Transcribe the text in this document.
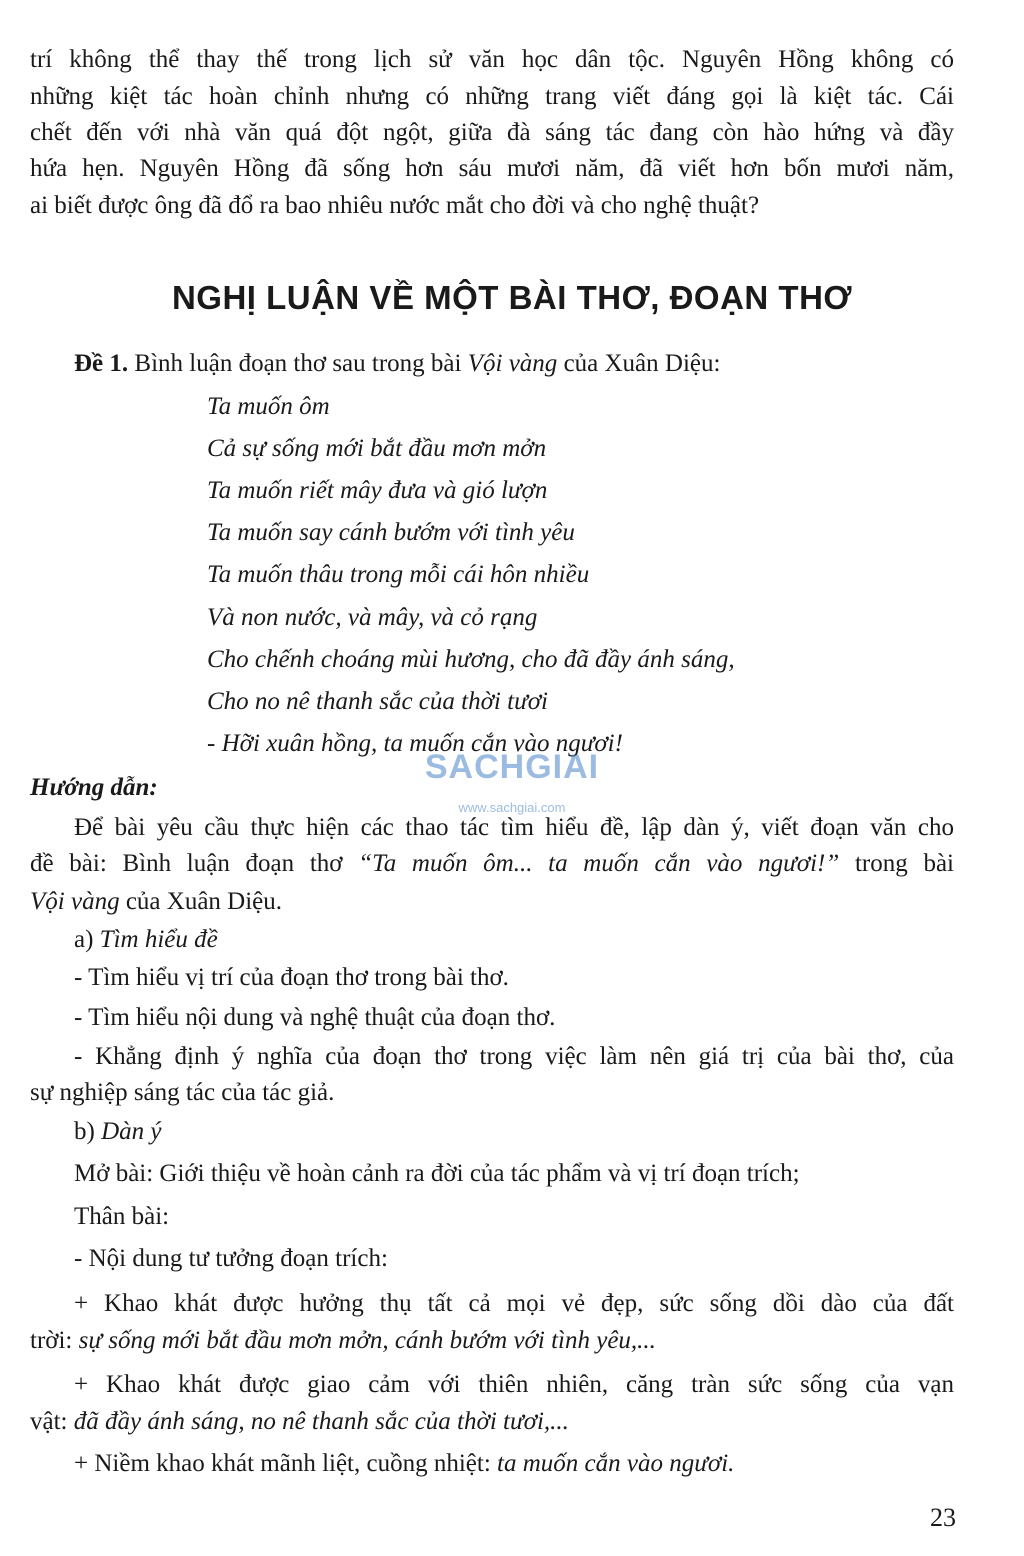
trí không thể thay thế trong lịch sử văn học dân tộc. Nguyên Hồng không có
những kiệt tác hoàn chỉnh nhưng có những trang viết đáng gọi là kiệt tác. Cái
chết đến với nhà văn quá đột ngột, giữa đà sáng tác đang còn hào hứng và đầy
hứa hẹn. Nguyên Hồng đã sống hơn sáu mươi năm, đã viết hơn bốn mươi năm,
ai biết được ông đã đổ ra bao nhiêu nước mắt cho đời và cho nghệ thuật?
NGHỊ LUẬN VỀ MỘT BÀI THƠ, ĐOẠN THƠ
Đề 1. Bình luận đoạn thơ sau trong bài Vội vàng của Xuân Diệu:
Ta muốn ôm
Cả sự sống mới bắt đầu mơn mởn
Ta muốn riết mây đưa và gió lượn
Ta muốn say cánh bướm với tình yêu
Ta muốn thâu trong mỗi cái hôn nhiều
Và non nước, và mây, và cỏ rạng
Cho chếnh choáng mùi hương, cho đã đầy ánh sáng,
Cho no nê thanh sắc của thời tươi
- Hỡi xuân hồng, ta muốn cắn vào ngươi!
SACHGIAI
www.sachgiai.com
Hướng dẫn:
Để bài yêu cầu thực hiện các thao tác tìm hiểu đề, lập dàn ý, viết đoạn văn cho
đề bài: Bình luận đoạn thơ “Ta muốn ôm... ta muốn cắn vào ngươi!” trong bài
Vội vàng của Xuân Diệu.
a) Tìm hiểu đề
- Tìm hiểu vị trí của đoạn thơ trong bài thơ.
- Tìm hiểu nội dung và nghệ thuật của đoạn thơ.
- Khẳng định ý nghĩa của đoạn thơ trong việc làm nên giá trị của bài thơ, của
sự nghiệp sáng tác của tác giả.
b) Dàn ý
Mở bài: Giới thiệu về hoàn cảnh ra đời của tác phẩm và vị trí đoạn trích;
Thân bài:
- Nội dung tư tưởng đoạn trích:
+ Khao khát được hưởng thụ tất cả mọi vẻ đẹp, sức sống dồi dào của đất
trời: sự sống mới bắt đầu mơn mởn, cánh bướm với tình yêu,...
+ Khao khát được giao cảm với thiên nhiên, căng tràn sức sống của vạn
vật: đã đầy ánh sáng, no nê thanh sắc của thời tươi,...
+ Niềm khao khát mãnh liệt, cuồng nhiệt: ta muốn cắn vào ngươi.
23
